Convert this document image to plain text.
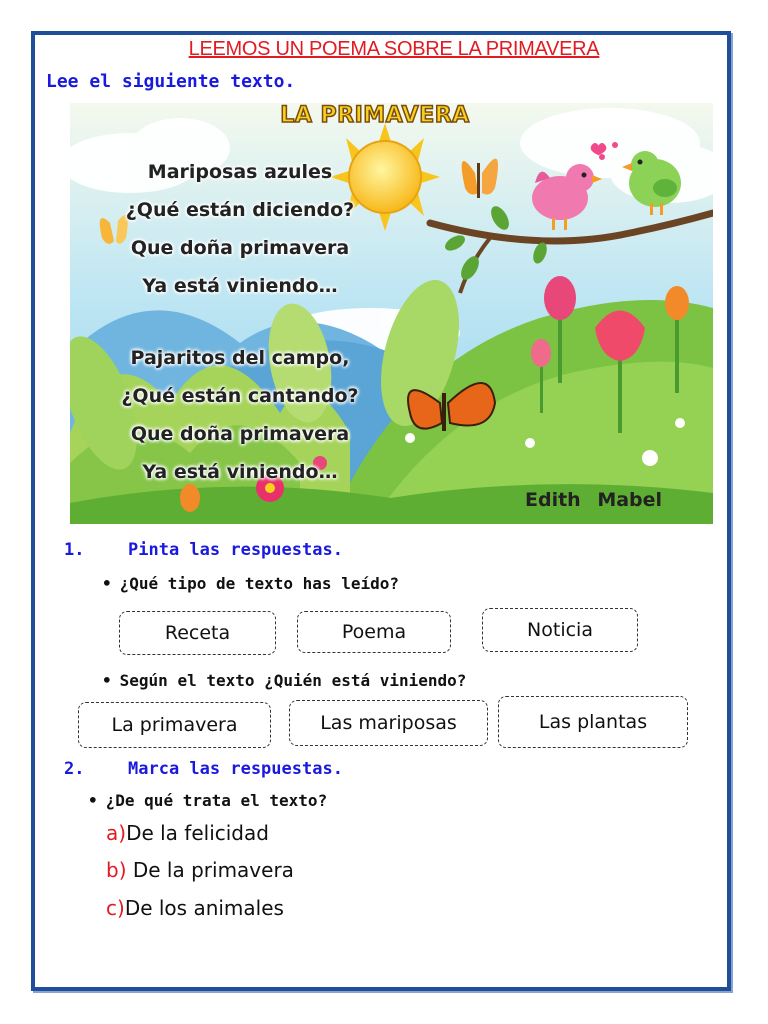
LEEMOS UN POEMA SOBRE LA PRIMAVERA
Lee el siguiente texto.
LA PRIMAVERA
Mariposas azules
¿Qué están diciendo?
Que doña primavera
Ya está viniendo…
Pajaritos del campo,
¿Qué están cantando?
Que doña primavera
Ya está viniendo…
Edith Mabel
1.	Pinta las respuestas.
• ¿Qué tipo de texto has leído?
Receta	Poema	Noticia
• Según el texto ¿Quién está viniendo?
La primavera	Las mariposas	Las plantas
2.	Marca las respuestas.
• ¿De qué trata el texto?
a)De la felicidad
b) De la primavera
c)De los animales
